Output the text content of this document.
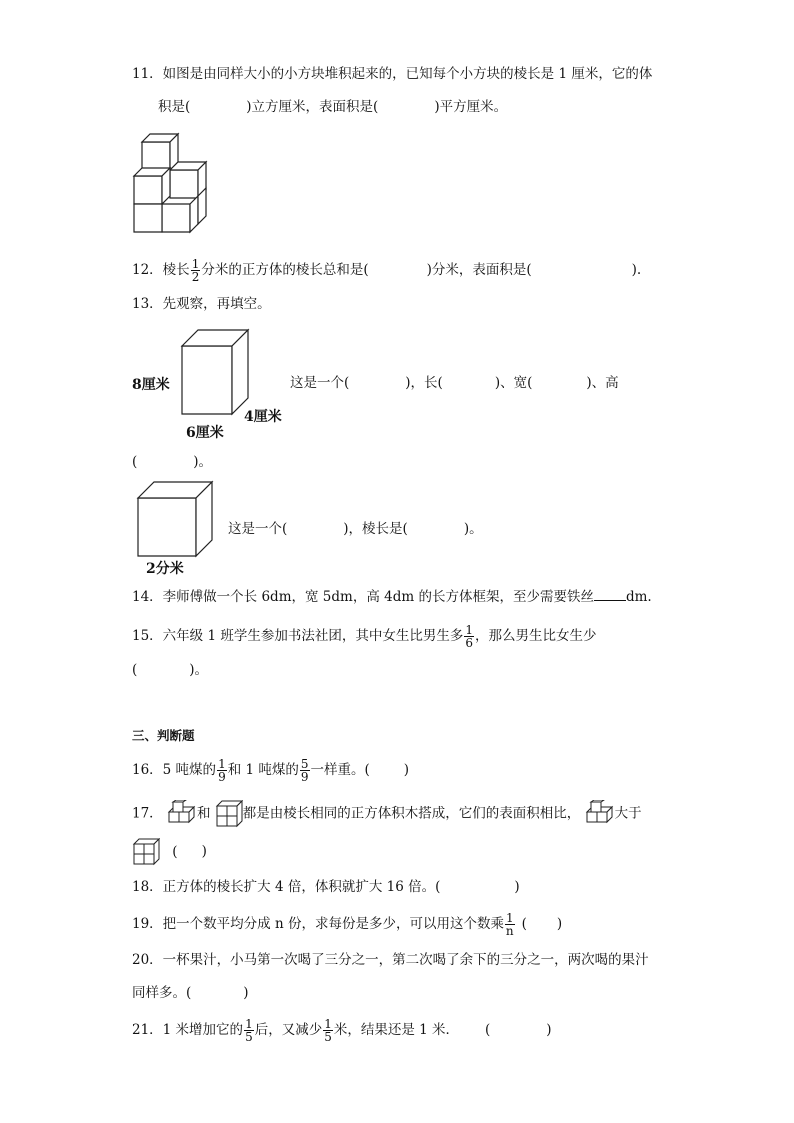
11．如图是由同样大小的小方块堆积起来的，已知每个小方块的棱长是 1 厘米，它的体
积是(	)立方厘米，表面积是(	)平方厘米。
12．棱长 $\frac{1}{2}$ 分米的正方体的棱长总和是(	)分米，表面积是(	).
13．先观察，再填空。
8厘米
4厘米
6厘米
这是一个(	)，长(	)、宽(	)、高
(	)。
2分米
这是一个(	)，棱长是(	)。
14．李师傅做一个长 6dm，宽 5dm，高 4dm 的长方体框架，至少需要铁丝 dm.
15．六年级 1 班学生参加书法社团，其中女生比男生多 $\frac{1}{6}$ ，那么男生比女生少
(	)。
三、判断题
16．5 吨煤的 $\frac{1}{9}$ 和 1 吨煤的 $\frac{5}{9}$ 一样重。(	)
17．	和 都是由棱长相同的正方体积木搭成，它们的表面积相比，	大于
( )
18．正方体的棱长扩大 4 倍，体积就扩大 16 倍。(	)
19．把一个数平均分成 n 份，求每份是多少，可以用这个数乘 $\frac{1}{n}$ ( )
20．一杯果汁，小马第一次喝了三分之一，第二次喝了余下的三分之一，两次喝的果汁
同样多。(	)
21．1 米增加它的 $\frac{1}{5}$ 后，又减少 $\frac{1}{5}$ 米，结果还是 1 米． (	)
